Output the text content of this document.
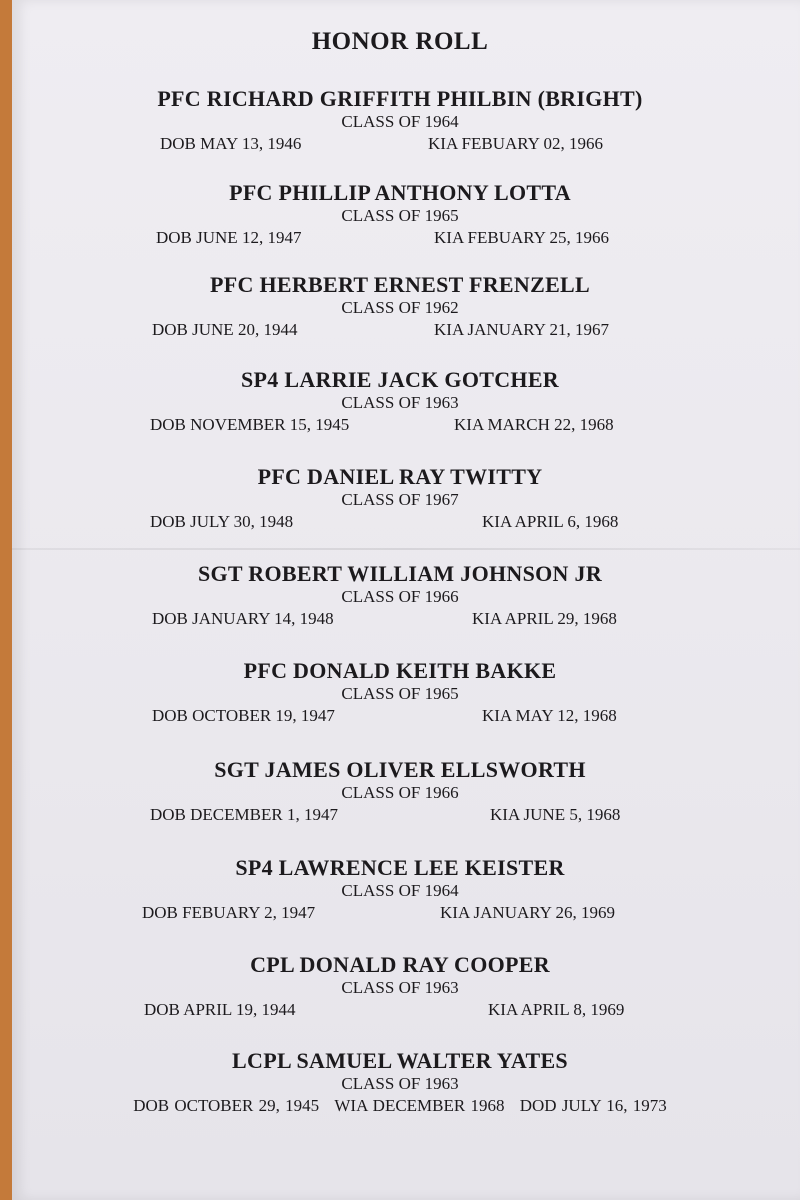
HONOR ROLL
PFC RICHARD GRIFFITH PHILBIN (BRIGHT)
CLASS OF 1964
DOB MAY 13, 1946	KIA FEBUARY 02, 1966
PFC PHILLIP ANTHONY LOTTA
CLASS OF 1965
DOB JUNE 12, 1947	KIA FEBUARY 25, 1966
PFC HERBERT ERNEST FRENZELL
CLASS OF 1962
DOB JUNE 20, 1944	KIA JANUARY 21, 1967
SP4 LARRIE JACK GOTCHER
CLASS OF 1963
DOB NOVEMBER 15, 1945	KIA MARCH 22, 1968
PFC DANIEL RAY TWITTY
CLASS OF 1967
DOB JULY 30, 1948	KIA APRIL 6, 1968
SGT ROBERT WILLIAM JOHNSON JR
CLASS OF 1966
DOB JANUARY 14, 1948	KIA APRIL 29, 1968
PFC DONALD KEITH BAKKE
CLASS OF 1965
DOB OCTOBER 19, 1947	KIA MAY 12, 1968
SGT JAMES OLIVER ELLSWORTH
CLASS OF 1966
DOB DECEMBER 1, 1947	KIA JUNE 5, 1968
SP4 LAWRENCE LEE KEISTER
CLASS OF 1964
DOB FEBUARY 2, 1947	KIA JANUARY 26, 1969
CPL DONALD RAY COOPER
CLASS OF 1963
DOB APRIL 19, 1944	KIA APRIL 8, 1969
LCPL SAMUEL WALTER YATES
CLASS OF 1963
DOB OCTOBER 29, 1945 WIA DECEMBER 1968 DOD JULY 16, 1973
